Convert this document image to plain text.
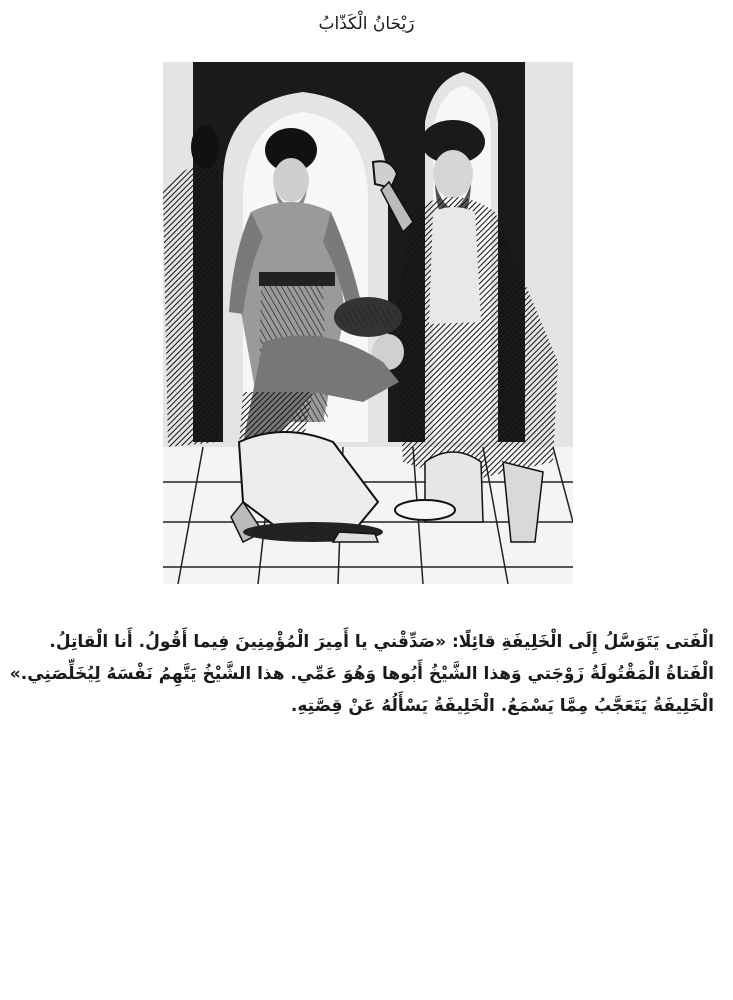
رَيْحَانُ الْكَذّابُ
الْفَتى يَتَوَسَّلُ إِلَى الْخَلِيفَةِ قائِلًا: «صَدِّقْني يا أَمِيرَ الْمُؤْمِنِينَ فِيما أَقُولُ. أَنا الْقاتِلُ.
الْفَتاةُ الْمَقْتُولَةُ زَوْجَتي وَهذا الشَّيْخُ أَبُوها وَهُوَ عَمِّي. هذا الشَّيْخُ يَتَّهِمُ نَفْسَهُ لِيُخَلِّصَنِي.»
الْخَلِيفَةُ يَتَعَجَّبُ مِمَّا يَسْمَعُ. الْخَلِيفَةُ يَسْأَلُهُ عَنْ قِصَّتِهِ.
